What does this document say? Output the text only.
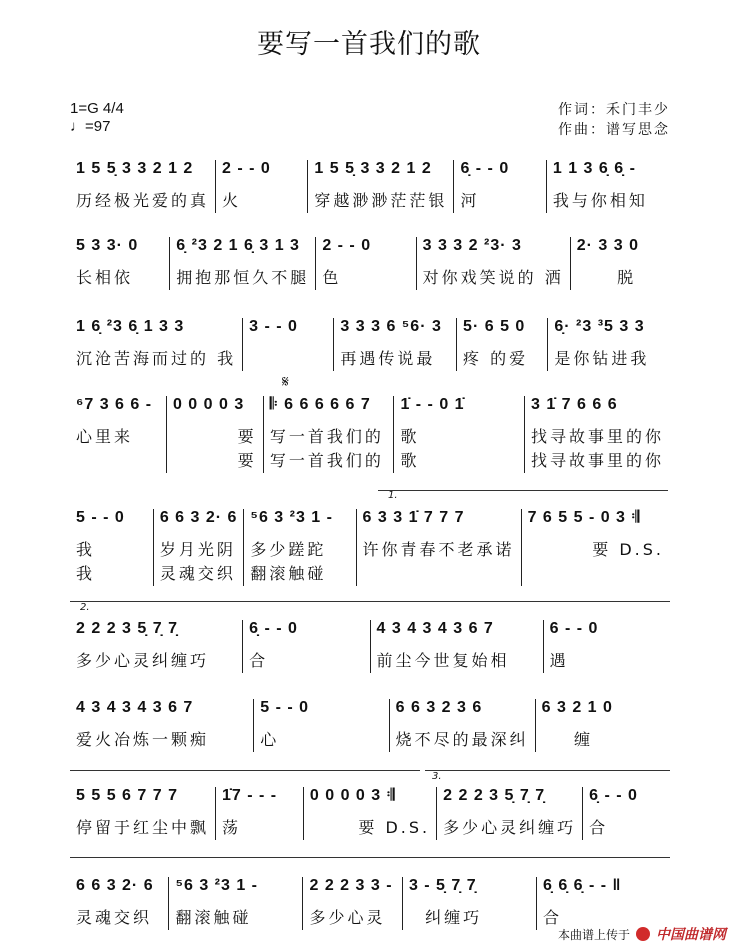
要写一首我们的歌
1=G 4/4
♩=97
作词：禾门丰少
作曲：谱写思念
1 5 5̣ 3 3 2 1 2
历经极光爱的真
2 - - 0
火
1 5 5̣ 3 3 2 1 2
穿越渺渺茫茫银
6̣ - - 0
河
1 1 3 6̣ 6̣ -
我与你相知
5 3 3· 0
长相依
6̣ ²3 2 1 6̣ 3 1 3
拥抱那恒久不腿
2 - - 0
色
3 3 3 2 ²3· 3
对你戏笑说的 洒
2· 3 3 0
脱
1 6̣ ²3 6̣ 1 3 3
沉沧苦海而过的 我
3 - - 0	3 3 3 6 ⁵6· 3
再遇传说最
5· 6 5 0
疼 的爱
6̣· ²3 ³5 3 3
是你钻进我
⁶7 3 6 6 -
心里来
0 0 0 0 3
要
要
𝄆 6 6 6 6 6 7
写一首我们的
写一首我们的
1̇ - - 0 1̇
歌
歌
3 1̇ 7 6 6 6
找寻故事里的你
找寻故事里的你
5 - - 0
我
我
6 6 3 2· 6
岁月光阴
灵魂交织
⁵6 3 ²3 1 -
多少蹉跎
翻滚触碰
6 3 3 1̇ 7 7 7
许你青春不老承诺
7 6 5 5 - 0 3 𝄇
要 D.S.
2 2 2 3 5̣ 7̣ 7̣
多少心灵纠缠巧
6̣ - - 0
合
4 3 4 3 4 3 6 7
前尘今世复始相
6 - - 0
遇
4 3 4 3 4 3 6 7
爱火冶炼一颗痴
5 - - 0
心
6 6 3 2 3 6
烧不尽的最深纠
6 3 2 1 0
缠
5 5 5 6 7 7 7
停留于红尘中飘
1̇7 - - -
荡
0 0 0 0 3 𝄇
要 D.S.
2 2 2 3 5̣ 7̣ 7̣
多少心灵纠缠巧
6̣ - - 0
合
6 6 3 2· 6
灵魂交织
⁵6 3 ²3 1 -
翻滚触碰
2 2 2 3 3 -
多少心灵
3 - 5̣ 7̣ 7̣
纠缠巧
6̣ 6̣ 6̣ - - ‖
合
𝄋
1.
2.
3.
本曲谱上传于 中国曲谱网
